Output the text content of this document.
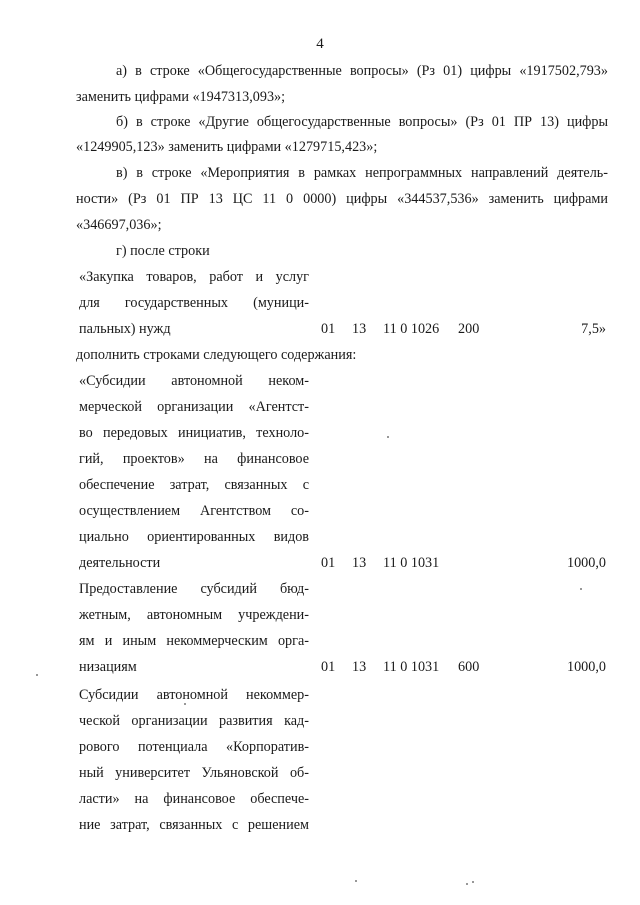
4
а) в строке «Общегосударственные вопросы» (Рз 01) цифры «1917502,793»
заменить цифрами «1947313,093»;
б) в строке «Другие общегосударственные вопросы» (Рз 01 ПР 13) цифры
«1249905,123» заменить цифрами «1279715,423»;
в) в строке «Мероприятия в рамках непрограммных направлений деятель-
ности» (Рз 01 ПР 13 ЦС 11 0 0000) цифры «344537,536» заменить цифрами
«346697,036»;
г) после строки
«Закупка товаров, работ и услуг
для государственных (муници-
пальных) нужд	01 13 11 0 1026 200	7,5»
дополнить строками следующего содержания:
«Субсидии автономной неком-
мерческой организации «Агентст-
во передовых инициатив, техноло-
гий, проектов» на финансовое
обеспечение затрат, связанных с
осуществлением Агентством со-
циально ориентированных видов
деятельности	01 13 11 0 1031	1000,0
Предоставление субсидий бюд-
жетным, автономным учреждени-
ям и иным некоммерческим орга-
низациям	01 13 11 0 1031 600	1000,0
Субсидии автономной некоммер-
ческой организации развития кад-
рового потенциала «Корпоратив-
ный университет Ульяновской об-
ласти» на финансовое обеспече-
ние затрат, связанных с решением
